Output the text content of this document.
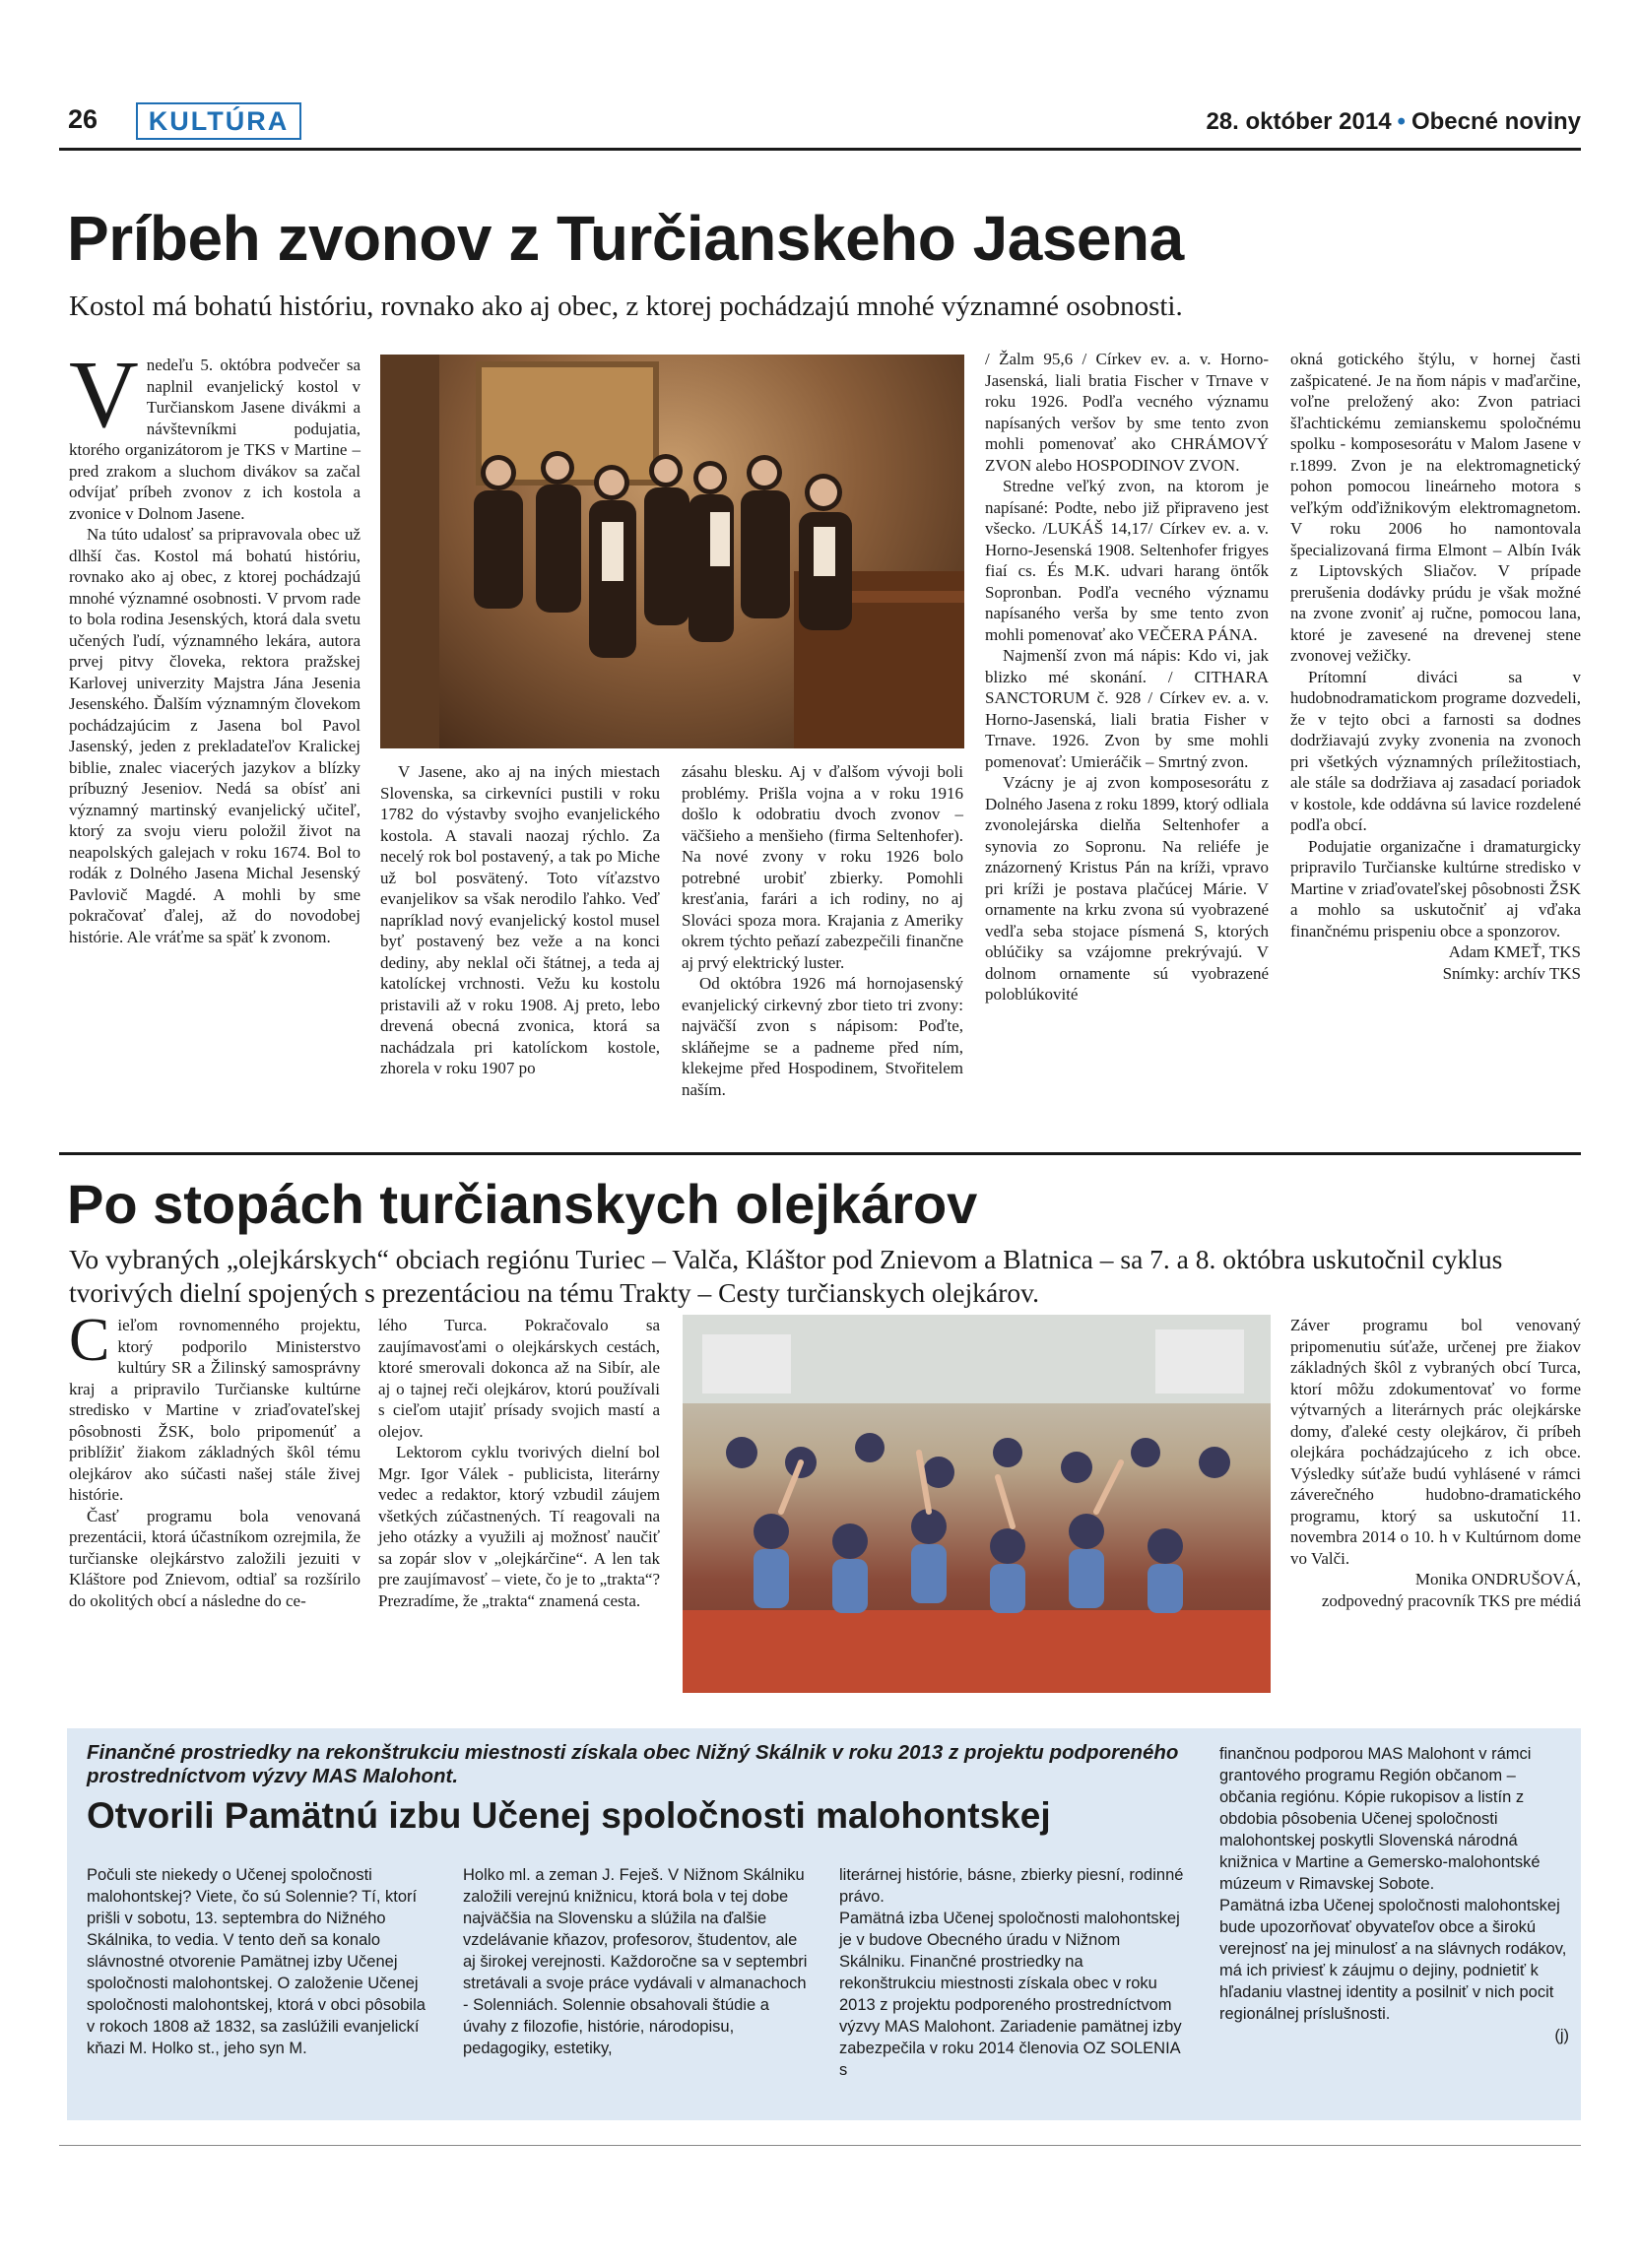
26	KULTÚRA	28. október 2014 • Obecné noviny
Príbeh zvonov z Turčianskeho Jasena
Kostol má bohatú históriu, rovnako ako aj obec, z ktorej pochádzajú mnohé významné osobnosti.

Vnedeľu 5. októbra podvečer sa naplnil evanjelický kostol v Turčianskom Jasene divákmi a návštevníkmi podujatia, ktorého organizátorom je TKS v Martine – pred zrakom a sluchom divákov sa začal odvíjať príbeh zvonov z ich kostola a zvonice v Dolnom Jasene.

Na túto udalosť sa pripravovala obec už dlhší čas. Kostol má bohatú históriu, rovnako ako aj obec, z ktorej pochádzajú mnohé významné osobnosti. V prvom rade to bola rodina Jesenských, ktorá dala svetu učených ľudí, významného lekára, autora prvej pitvy človeka, rektora pražskej Karlovej univerzity Majstra Jána Jesenia Jesenského. Ďalším významným človekom pochádzajúcim z Jasena bol Pavol Jasenský, jeden z prekladateľov Kralickej biblie, znalec viacerých jazykov a blízky príbuzný Jeseniov. Nedá sa obísť ani významný martinský evanjelický učiteľ, ktorý za svoju vieru položil život na neapolských galejach v roku 1674. Bol to rodák z Dolného Jasena Michal Jesenský Pavlovič Magdé. A mohli by sme pokračovať ďalej, až do novodobej histórie. Ale vráťme sa späť k zvonom.

V Jasene, ako aj na iných miestach Slovenska, sa cirkevníci pustili v roku 1782 do výstavby svojho evanjelického kostola. A stavali naozaj rýchlo. Za necelý rok bol postavený, a tak po Miche už bol posvätený. Toto víťazstvo evanjelikov sa však nerodilo ľahko. Veď napríklad nový evanjelický kostol musel byť postavený bez veže a na konci dediny, aby neklal oči štátnej, a teda aj katolíckej vrchnosti. Vežu ku kostolu pristavili až v roku 1908. Aj preto, lebo drevená obecná zvonica, ktorá sa nachádzala pri katolíckom kostole, zhorela v roku 1907 po

zásahu blesku. Aj v ďalšom vývoji boli problémy. Prišla vojna a v roku 1916 došlo k odobratiu dvoch zvonov – väčšieho a menšieho (firma Seltenhofer). Na nové zvony v roku 1926 bolo potrebné urobiť zbierky. Pomohli kresťania, farári a ich rodiny, no aj Slováci spoza mora. Krajania z Ameriky okrem týchto peňazí zabezpečili finančne aj prvý elektrický luster.

Od októbra 1926 má hornojasenský evanjelický cirkevný zbor tieto tri zvony: najväčší zvon s nápisom: Poďte, skláňejme se a padneme před ním, klekejme před Hospodinem, Stvořitelem naším.

/ Žalm 95,6 / Církev ev. a. v. Horno-Jasenská, liali bratia Fischer v Trnave v roku 1926. Podľa vecného významu napísaných veršov by sme tento zvon mohli pomenovať ako CHRÁMOVÝ ZVON alebo HOSPODINOV ZVON.

Stredne veľký zvon, na ktorom je napísané: Podte, nebo již připraveno jest všecko. /LUKÁŠ 14,17/ Církev ev. a. v. Horno-Jesenská 1908. Seltenhofer frigyes fiaí cs. És M.K. udvari harang öntők Sopronban. Podľa vecného významu napísaného verša by sme tento zvon mohli pomenovať ako VEČERA PÁNA.

Najmenší zvon má nápis: Kdo vi, jak blizko mé skonání. / CITHARA SANCTORUM č. 928 / Církev ev. a. v. Horno-Jasenská, liali bratia Fisher v Trnave. 1926. Zvon by sme mohli pomenovať: Umieráčik – Smrtný zvon.

Vzácny je aj zvon komposesorátu z Dolného Jasena z roku 1899, ktorý odliala zvonolejárska dielňa Seltenhofer a synovia zo Sopronu. Na reliéfe je znázornený Kristus Pán na kríži, vpravo pri kríži je postava plačúcej Márie. V ornamente na krku zvona sú vyobrazené vedľa seba stojace písmená S, ktorých oblúčiky sa vzájomne prekrývajú. V dolnom ornamente sú vyobrazené poloblúkovité

okná gotického štýlu, v hornej časti zašpicatené. Je na ňom nápis v maďarčine, voľne preložený ako: Zvon patriaci šľachtickému zemianskemu spoločnému spolku - komposesorátu v Malom Jasene v r.1899. Zvon je na elektromagnetický pohon pomocou lineárneho motora s veľkým odďižnikovým elektromagnetom. V roku 2006 ho namontovala špecializovaná firma Elmont – Albín Ivák z Liptovských Sliačov. V prípade prerušenia dodávky prúdu je však možné na zvone zvoniť aj ručne, pomocou lana, ktoré je zavesené na drevenej stene zvonovej vežičky.

Prítomní diváci sa v hudobnodramatickom programe dozvedeli, že v tejto obci a farnosti sa dodnes dodržiavajú zvyky zvonenia na zvonoch pri všetkých významných príležitostiach, ale stále sa dodržiava aj zasadací poriadok v kostole, kde oddávna sú lavice rozdelené podľa obcí.

Podujatie organizačne i dramaturgicky pripravilo Turčianske kultúrne stredisko v Martine v zriaďovateľskej pôsobnosti ŽSK a mohlo sa uskutočniť aj vďaka finančnému prispeniu obce a sponzorov.

Adam KMEŤ, TKS

Snímky: archív TKS

Po stopách turčianskych olejkárov
Vo vybraných „olejkárskych“ obciach regiónu Turiec – Valča, Kláštor pod Znievom a Blatnica – sa 7. a 8. októbra uskutočnil cyklus tvorivých dielní spojených s prezentáciou na tému Trakty – Cesty turčianskych olejkárov.

Cieľom rovnomenného projektu, ktorý podporilo Ministerstvo kultúry SR a Žilinský samosprávny kraj a pripravilo Turčianske kultúrne stredisko v Martine v zriaďovateľskej pôsobnosti ŽSK, bolo pripomenúť a priblížiť žiakom základných škôl tému olejkárov ako súčasti našej stále živej histórie.

Časť programu bola venovaná prezentácii, ktorá účastníkom ozrejmila, že turčianske olejkárstvo založili jezuiti v Kláštore pod Znievom, odtiaľ sa rozšírilo do okolitých obcí a následne do ce-

lého Turca. Pokračovalo sa zaujímavosťami o olejkárskych cestách, ktoré smerovali dokonca až na Sibír, ale aj o tajnej reči olejkárov, ktorú používali s cieľom utajiť prísady svojich mastí a olejov.

Lektorom cyklu tvorivých dielní bol Mgr. Igor Válek - publicista, literárny vedec a redaktor, ktorý vzbudil záujem všetkých zúčastnených. Tí reagovali na jeho otázky a využili aj možnosť naučiť sa zopár slov v „olejkárčine“. A len tak pre zaujímavosť – viete, čo je to „trakta“? Prezradíme, že „trakta“ znamená cesta.

Záver programu bol venovaný pripomenutiu súťaže, určenej pre žiakov základných škôl z vybraných obcí Turca, ktorí môžu zdokumentovať vo forme výtvarných a literárnych prác olejkárske domy, ďaleké cesty olejkárov, či príbeh olejkára pochádzajúceho z ich obce. Výsledky súťaže budú vyhlásené v rámci záverečného hudobno-dramatického programu, ktorý sa uskutoční 11. novembra 2014 o 10. h v Kultúrnom dome vo Valči.

Monika ONDRUŠOVÁ,

zodpovedný pracovník TKS pre médiá

Finančné prostriedky na rekonštrukciu miestnosti získala obec Nižný Skálnik v roku 2013 z projektu podporeného prostredníctvom výzvy MAS Malohont.
Otvorili Pamätnú izbu Učenej spoločnosti malohontskej

Počuli ste niekedy o Učenej spoločnosti malohontskej? Viete, čo sú Solennie? Tí, ktorí prišli v sobotu, 13. septembra do Nižného Skálnika, to vedia. V tento deň sa konalo slávnostné otvorenie Pamätnej izby Učenej spoločnosti malohontskej. O založenie Učenej spoločnosti malohontskej, ktorá v obci pôsobila v rokoch 1808 až 1832, sa zaslúžili evanjelickí kňazi M. Holko st., jeho syn M.

Holko ml. a zeman J. Feješ. V Nižnom Skálniku založili verejnú knižnicu, ktorá bola v tej dobe najväčšia na Slovensku a slúžila na ďalšie vzdelávanie kňazov, profesorov, študentov, ale aj širokej verejnosti. Každoročne sa v septembri stretávali a svoje práce vydávali v almanachoch - Solenniách. Solennie obsahovali štúdie a úvahy z filozofie, histórie, národopisu, pedagogiky, estetiky,

literárnej histórie, básne, zbierky piesní, rodinné právo.

Pamätná izba Učenej spoločnosti malohontskej je v budove Obecného úradu v Nižnom Skálniku. Finančné prostriedky na rekonštrukciu miestnosti získala obec v roku 2013 z projektu podporeného prostredníctvom výzvy MAS Malohont. Zariadenie pamätnej izby zabezpečila v roku 2014 členovia OZ SOLENIA s

finančnou podporou MAS Malohont v rámci grantového programu Región občanom – občania regiónu. Kópie rukopisov a listín z obdobia pôsobenia Učenej spoločnosti malohontskej poskytli Slovenská národná knižnica v Martine a Gemersko-malohontské múzeum v Rimavskej Sobote.

Pamätná izba Učenej spoločnosti malohontskej bude upozorňovať obyvateľov obce a širokú verejnosť na jej minulosť a na slávnych rodákov, má ich priviesť k záujmu o dejiny, podnietiť k hľadaniu vlastnej identity a posilniť v nich pocit regionálnej príslušnosti.

(j)
